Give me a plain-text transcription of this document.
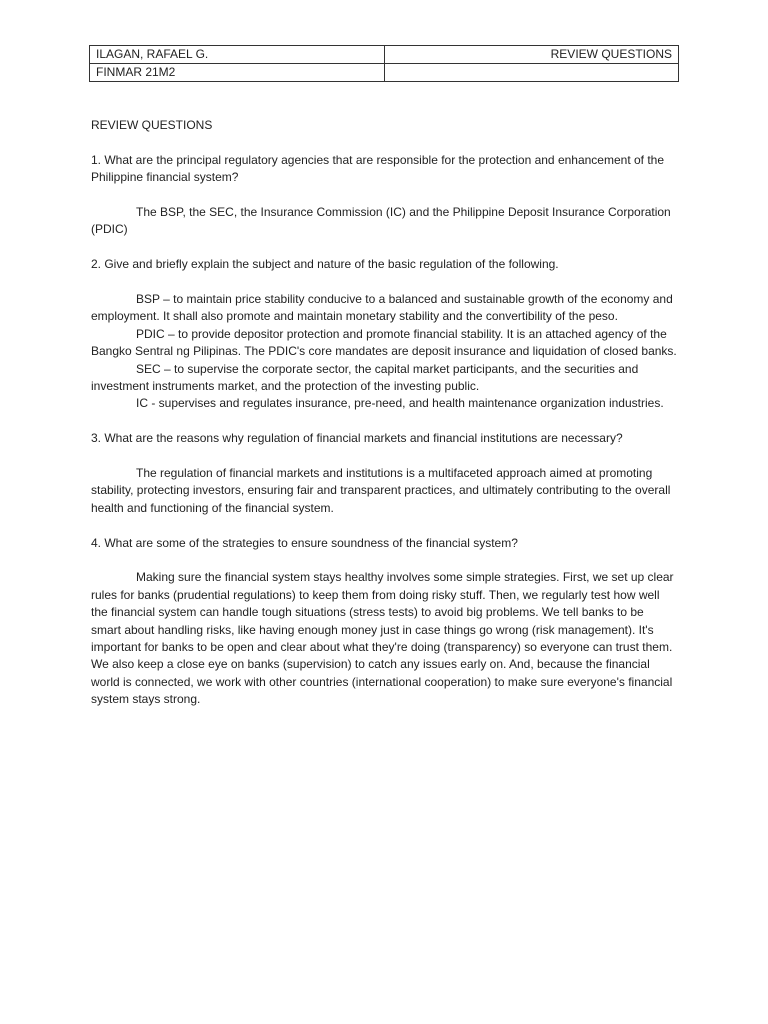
ILAGAN, RAFAEL G.	REVIEW QUESTIONS
FINMAR 21M2	

REVIEW QUESTIONS

1. What are the principal regulatory agencies that are responsible for the protection and enhancement of the Philippine financial system?

The BSP, the SEC, the Insurance Commission (IC) and the Philippine Deposit Insurance Corporation (PDIC)

2. Give and briefly explain the subject and nature of the basic regulation of the following.

BSP – to maintain price stability conducive to a balanced and sustainable growth of the economy and employment. It shall also promote and maintain monetary stability and the convertibility of the peso.

PDIC – to provide depositor protection and promote financial stability. It is an attached agency of the Bangko Sentral ng Pilipinas. The PDIC's core mandates are deposit insurance and liquidation of closed banks.

SEC – to supervise the corporate sector, the capital market participants, and the securities and investment instruments market, and the protection of the investing public.

IC - supervises and regulates insurance, pre-need, and health maintenance organization industries.

3. What are the reasons why regulation of financial markets and financial institutions are necessary?

The regulation of financial markets and institutions is a multifaceted approach aimed at promoting stability, protecting investors, ensuring fair and transparent practices, and ultimately contributing to the overall health and functioning of the financial system.

4. What are some of the strategies to ensure soundness of the financial system?

Making sure the financial system stays healthy involves some simple strategies. First, we set up clear rules for banks (prudential regulations) to keep them from doing risky stuff. Then, we regularly test how well the financial system can handle tough situations (stress tests) to avoid big problems. We tell banks to be smart about handling risks, like having enough money just in case things go wrong (risk management). It's important for banks to be open and clear about what they're doing (transparency) so everyone can trust them. We also keep a close eye on banks (supervision) to catch any issues early on. And, because the financial world is connected, we work with other countries (international cooperation) to make sure everyone's financial system stays strong.
